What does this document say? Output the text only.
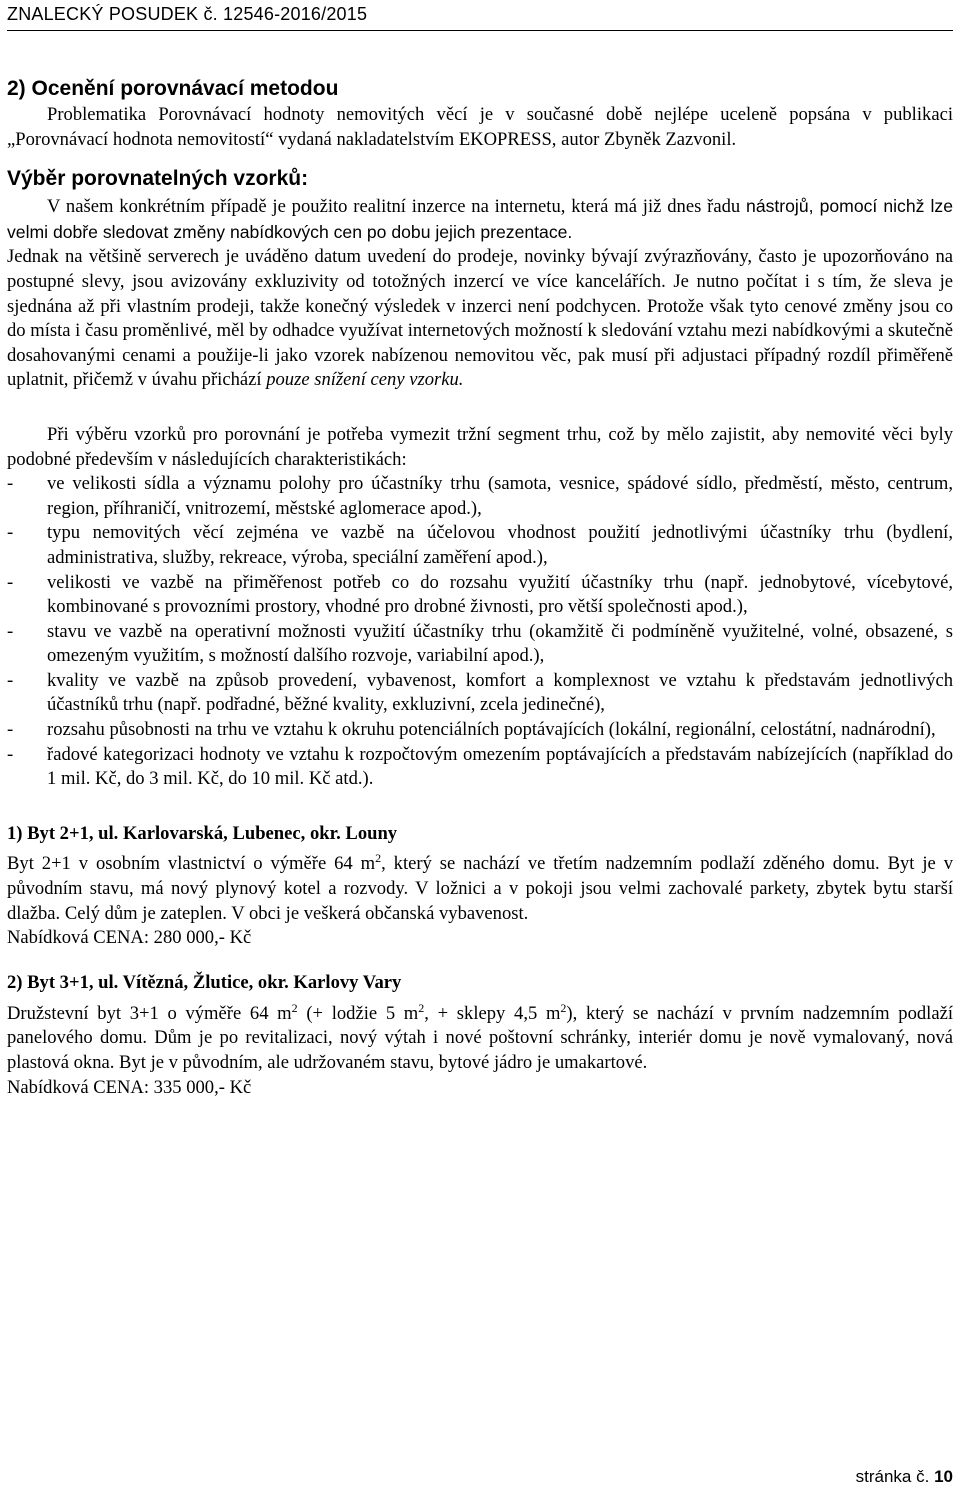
ZNALECKÝ POSUDEK č. 12546-2016/2015
2) Ocenění porovnávací metodou

Problematika Porovnávací hodnoty nemovitých věcí je v současné době nejlépe uceleně popsána v publikaci „Porovnávací hodnota nemovitostí“ vydaná nakladatelstvím EKOPRESS, autor Zbyněk Zazvonil.

Výběr porovnatelných vzorků:

V našem konkrétním případě je použito realitní inzerce na internetu, která má již dnes řadu nástrojů, pomocí nichž lze velmi dobře sledovat změny nabídkových cen po dobu jejich prezentace.

Jednak na většině serverech je uváděno datum uvedení do prodeje, novinky bývají zvýrazňovány, často je upozorňováno na postupné slevy, jsou avizovány exkluzivity od totožných inzercí ve více kancelářích. Je nutno počítat i s tím, že sleva je sjednána až při vlastním prodeji, takže konečný výsledek v inzerci není podchycen. Protože však tyto cenové změny jsou co do místa i času proměnlivé, měl by odhadce využívat internetových možností k sledování vztahu mezi nabídkovými a skutečně dosahovanými cenami a použije-li jako vzorek nabízenou nemovitou věc, pak musí při adjustaci případný rozdíl přiměřeně uplatnit, přičemž v úvahu přichází pouze snížení ceny vzorku.

Při výběru vzorků pro porovnání je potřeba vymezit tržní segment trhu, což by mělo zajistit, aby nemovité věci byly podobné především v následujících charakteristikách:

- ve velikosti sídla a významu polohy pro účastníky trhu (samota, vesnice, spádové sídlo, předměstí, město, centrum, region, příhraničí, vnitrozemí, městské aglomerace apod.),
- typu nemovitých věcí zejména ve vazbě na účelovou vhodnost použití jednotlivými účastníky trhu (bydlení, administrativa, služby, rekreace, výroba, speciální zaměření apod.),
- velikosti ve vazbě na přiměřenost potřeb co do rozsahu využití účastníky trhu (např. jednobytové, vícebytové, kombinované s provozními prostory, vhodné pro drobné živnosti, pro větší společnosti apod.),
- stavu ve vazbě na operativní možnosti využití účastníky trhu (okamžitě či podmíněně využitelné, volné, obsazené, s omezeným využitím, s možností dalšího rozvoje, variabilní apod.),
- kvality ve vazbě na způsob provedení, vybavenost, komfort a komplexnost ve vztahu k představám jednotlivých účastníků trhu (např. podřadné, běžné kvality, exkluzivní, zcela jedinečné),
- rozsahu působnosti na trhu ve vztahu k okruhu potenciálních poptávajících (lokální, regionální, celostátní, nadnárodní),
- řadové kategorizaci hodnoty ve vztahu k rozpočtovým omezením poptávajících a představám nabízejících (například do 1 mil. Kč, do 3 mil. Kč, do 10 mil. Kč atd.).
1) Byt 2+1, ul. Karlovarská, Lubenec, okr. Louny

Byt 2+1 v osobním vlastnictví o výměře 64 $m^2$, který se nachází ve třetím nadzemním podlaží zděného domu. Byt je v původním stavu, má nový plynový kotel a rozvody. V ložnici a v pokoji jsou velmi zachovalé parkety, zbytek bytu starší dlažba. Celý dům je zateplen. V obci je veškerá občanská vybavenost.

Nabídková CENA: 280 000,- Kč

2) Byt 3+1, ul. Vítězná, Žlutice, okr. Karlovy Vary

Družstevní byt 3+1 o výměře 64 $m^2$ (+ lodžie 5 $m^2$, + sklepy 4,5 $m^2$), který se nachází v prvním nadzemním podlaží panelového domu. Dům je po revitalizaci, nový výtah i nové poštovní schránky, interiér domu je nově vymalovaný, nová plastová okna. Byt je v původním, ale udržovaném stavu, bytové jádro je umakartové.

Nabídková CENA: 335 000,- Kč

stránka č. 10
